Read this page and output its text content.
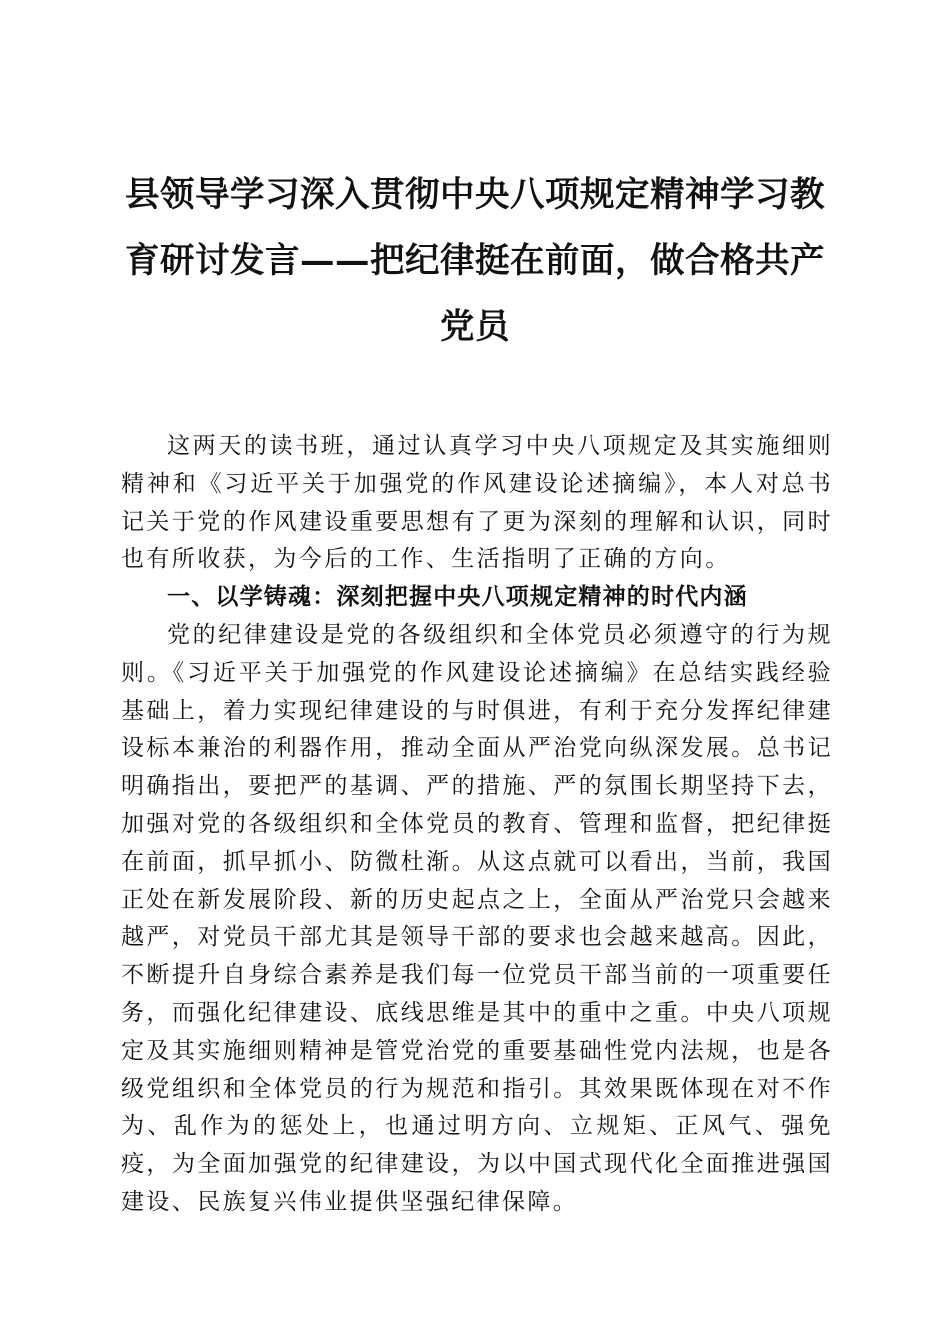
县领导学习深入贯彻中央八项规定精神学习教育研讨发言——把纪律挺在前面，做合格共产党员

这两天的读书班，通过认真学习中央八项规定及其实施细则精神和《习近平关于加强党的作风建设论述摘编》，本人对总书记关于党的作风建设重要思想有了更为深刻的理解和认识，同时也有所收获，为今后的工作、生活指明了正确的方向。

一、以学铸魂：深刻把握中央八项规定精神的时代内涵

党的纪律建设是党的各级组织和全体党员必须遵守的行为规则。《习近平关于加强党的作风建设论述摘编》在总结实践经验基础上，着力实现纪律建设的与时俱进，有利于充分发挥纪律建设标本兼治的利器作用，推动全面从严治党向纵深发展。总书记明确指出，要把严的基调、严的措施、严的氛围长期坚持下去，加强对党的各级组织和全体党员的教育、管理和监督，把纪律挺在前面，抓早抓小、防微杜渐。从这点就可以看出，当前，我国正处在新发展阶段、新的历史起点之上，全面从严治党只会越来越严，对党员干部尤其是领导干部的要求也会越来越高。因此，不断提升自身综合素养是我们每一位党员干部当前的一项重要任务，而强化纪律建设、底线思维是其中的重中之重。中央八项规定及其实施细则精神是管党治党的重要基础性党内法规，也是各级党组织和全体党员的行为规范和指引。其效果既体现在对不作为、乱作为的惩处上，也通过明方向、立规矩、正风气、强免疫，为全面加强党的纪律建设，为以中国式现代化全面推进强国建设、民族复兴伟业提供坚强纪律保障。
